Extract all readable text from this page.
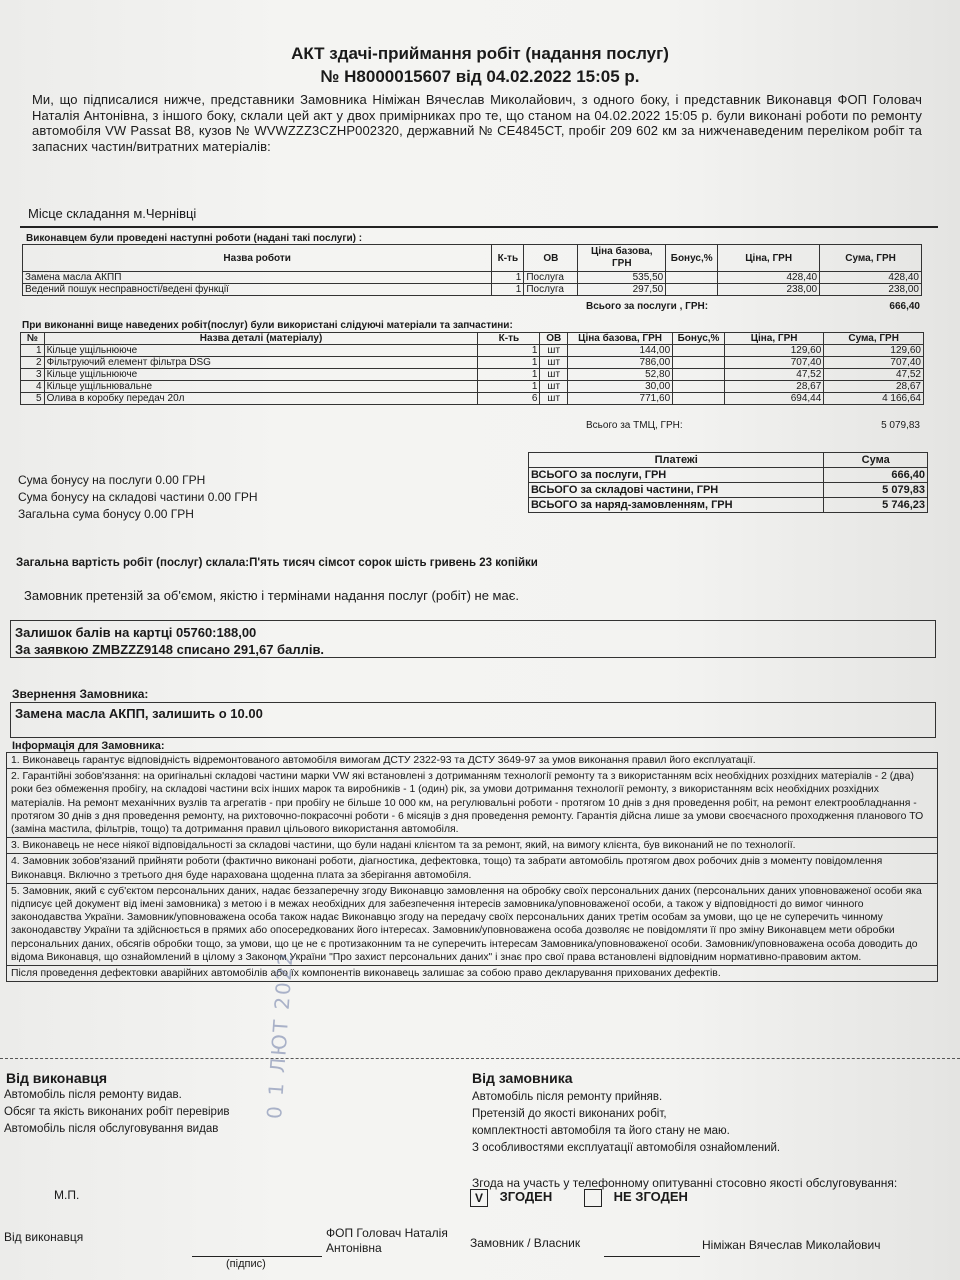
АКТ здачі-приймання робіт (надання послуг)
№ Н8000015607 від 04.02.2022 15:05 р.
Ми, що підписалися нижче, представники Замовника Німіжан Вячеслав Миколайович, з одного боку, і представник Виконавця ФОП Головач Наталія Антонівна, з іншого боку, склали цей акт у двох примірниках про те, що станом на 04.02.2022 15:05 р. були виконані роботи по ремонту автомобіля VW Passat B8, кузов № WVWZZZ3CZHP002320, державний № CE4845CT, пробіг 209 602 км за нижченаведеним переліком робіт та запасних частин/витратних матеріалів:
Місце складання м.Чернівці
Виконавцем були проведені наступні роботи (надані такі послуги) :
Назва роботи	К-ть	ОВ	Ціна базова, ГРН	Бонус,%	Ціна, ГРН	Сума, ГРН
Замена масла АКПП	1	Послуга	535,50		428,40	428,40
Ведений пошук несправності/ведені функції	1	Послуга	297,50		238,00	238,00
Всього за послуги , ГРН:	666,40
При виконанні вище наведених робіт(послуг) були використані слідуючі матеріали та запчастини:
№	Назва деталі (матеріалу)	К-ть	ОВ	Ціна базова, ГРН	Бонус,%	Ціна, ГРН	Сума, ГРН
1	Кільце ущільнююче	1	шт	144,00		129,60	129,60
2	Фільтруючий елемент фільтра DSG	1	шт	786,00		707,40	707,40
3	Кільце ущільнююче	1	шт	52,80		47,52	47,52
4	Кільце ущільнювальне	1	шт	30,00		28,67	28,67
5	Олива в коробку передач 20л	6	шт	771,60		694,44	4 166,64
Всього за ТМЦ, ГРН:	5 079,83
Сума бонусу на послуги 0.00 ГРН
Сума бонусу на складові частини 0.00 ГРН
Загальна сума бонусу 0.00 ГРН
Платежі	Сума
ВСЬОГО за послуги, ГРН	666,40
ВСЬОГО за складові частини, ГРН	5 079,83
ВСЬОГО за наряд-замовленням, ГРН	5 746,23
Загальна вартість робіт (послуг) склала:П'ять тисяч сімсот сорок шість гривень 23 копійки
Замовник претензій за об'ємом, якістю і термінами надання послуг (робіт) не має.
Залишок балів на картці 05760:188,00
За заявкою ZMBZZZ9148 списано 291,67 баллів.
Звернення Замовника:
Замена масла АКПП, залишить о 10.00
Інформація для Замовника:
1. Виконавець гарантує відповідність відремонтованого автомобіля вимогам ДСТУ 2322-93 та ДСТУ 3649-97 за умов виконання правил його експлуатації.
2. Гарантійні зобов'язання: на оригінальні складові частини марки VW які встановлені з дотриманням технології ремонту та з використанням всіх необхідних розхідних матеріалів - 2 (два) роки без обмеження пробігу, на складові частини всіх інших марок та виробників - 1 (один) рік, за умови дотримання технології ремонту, з використанням всіх необхідних розхідних матеріалів. На ремонт механічних вузлів та агрегатів - при пробігу не більше 10 000 км, на регулювальні роботи - протягом 10 днів з дня проведення робіт, на ремонт електрообладнання - протягом 30 днів з дня проведення ремонту, на рихтовочно-покрасочні роботи - 6 місяців з дня проведення ремонту. Гарантія дійсна лише за умови своєчасного проходження планового ТО (заміна мастила, фільтрів, тощо) та дотримання правил цільового використання автомобіля.
3. Виконавець не несе ніякої відповідальності за складові частини, що були надані клієнтом та за ремонт, який, на вимогу клієнта, був виконаний не по технології.
4. Замовник зобов'язаний прийняти роботи (фактично виконані роботи, діагностика, дефектовка, тощо) та забрати автомобіль протягом двох робочих днів з моменту повідомлення Виконавця. Включно з третього дня буде нарахована щоденна плата за зберігання автомобіля.
5. Замовник, який є суб'єктом персональних даних, надає беззаперечну згоду Виконавцю замовлення на обробку своїх персональних даних (персональних даних уповноваженої особи яка підписує цей документ від імені замовника) з метою і в межах необхідних для забезпечення інтересів замовника/уповноваженої особи, а також у відповідності до вимог чинного законодавства України. Замовник/уповноважена особа також надає Виконавцю згоду на передачу своїх персональних даних третім особам за умови, що це не суперечить чинному законодавству України та здійснюється в прямих або опосередкованих його інтересах. Замовник/уповноважена особа дозволяє не повідомляти її про зміну Виконавцем мети обробки персональних даних, обсягів обробки тощо, за умови, що це не є протизаконним та не суперечить інтересам Замовника/уповноваженої особи. Замовник/уповноважена особа доводить до відома Виконавця, що ознайомлений в цілому з Законом України "Про захист персональних даних" і знає про свої права встановлені відповідним нормативно-правовим актом.
Після проведення дефектовки аварійних автомобілів або їх компонентів виконавець залишає за собою право декларування прихованих дефектів.
Від виконавця
Автомобіль після ремонту видав.
Обсяг та якість виконаних робіт перевірив
Автомобіль після обслуговування видав
М.П.
0 1 ЛЮТ 2022
Від виконавця
(підпис)
ФОП Головач Наталія Антонівна
Від замовника
Автомобіль після ремонту прийняв.
Претензій до якості виконаних робіт,
комплектності автомобіля та його стану не маю.
З особливостями експлуатації автомобіля ознайомлений.
Згода на участь у телефонному опитуванні стосовно якості обслуговування:
V ЗГОДЕН	НЕ ЗГОДЕН
Замовник / Власник	Німіжан Вячеслав Миколайович
